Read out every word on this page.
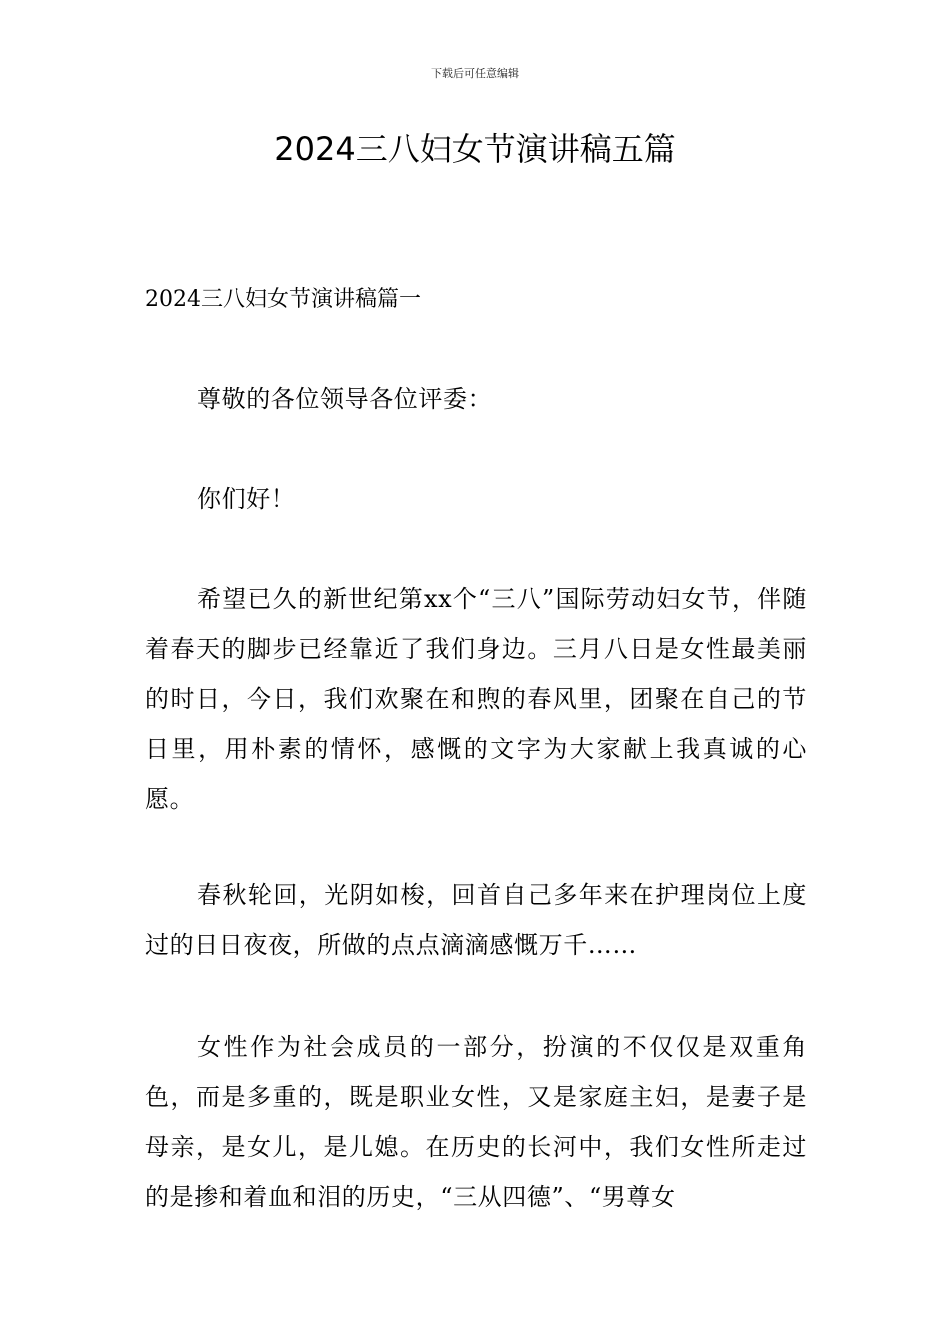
下载后可任意编辑
2024三八妇女节演讲稿五篇
2024三八妇女节演讲稿篇一

尊敬的各位领导各位评委：

你们好！

希望已久的新世纪第xx个“三八”国际劳动妇女节，伴随着春天的脚步已经靠近了我们身边。三月八日是女性最美丽的时日，今日，我们欢聚在和煦的春风里，团聚在自己的节日里，用朴素的情怀，感慨的文字为大家献上我真诚的心愿。

春秋轮回，光阴如梭，回首自己多年来在护理岗位上度过的日日夜夜，所做的点点滴滴感慨万千……

女性作为社会成员的一部分，扮演的不仅仅是双重角色，而是多重的，既是职业女性，又是家庭主妇，是妻子是母亲，是女儿，是儿媳。在历史的长河中，我们女性所走过的是掺和着血和泪的历史，“三从四德”、“男尊女
